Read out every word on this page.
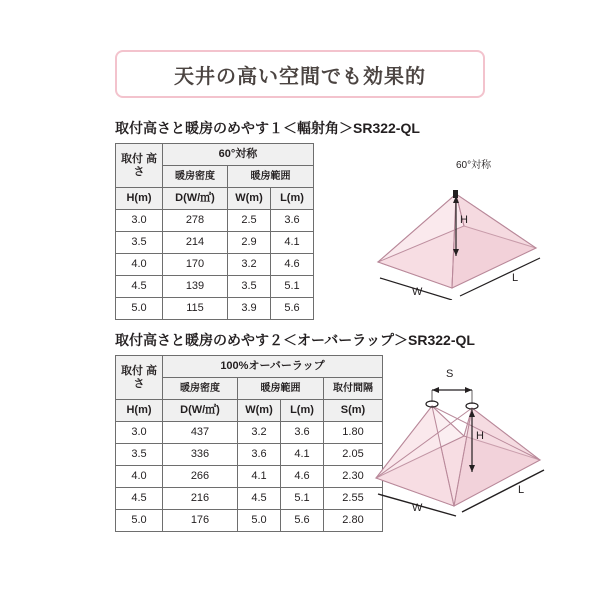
天井の高い空間でも効果的
取付高さと暖房のめやす１＜輻射角＞SR322-QL
取付 高さ	60°対称		
	暖房密度	暖房範囲	
H(m)	D(W/㎡)	W(m)	L(m)
3.0	278	2.5	3.6
3.5	214	2.9	4.1
4.0	170	3.2	4.6
4.5	139	3.5	5.1
5.0	115	3.9	5.6
60°対称
H
L
W
取付高さと暖房のめやす２＜オーバーラップ＞SR322-QL
取付 高さ	100%オーバーラップ			
	暖房密度	暖房範囲		取付間隔
H(m)	D(W/㎡)	W(m)	L(m)	S(m)
3.0	437	3.2	3.6	1.80
3.5	336	3.6	4.1	2.05
4.0	266	4.1	4.6	2.30
4.5	216	4.5	5.1	2.55
5.0	176	5.0	5.6	2.80
S
H
L
W
